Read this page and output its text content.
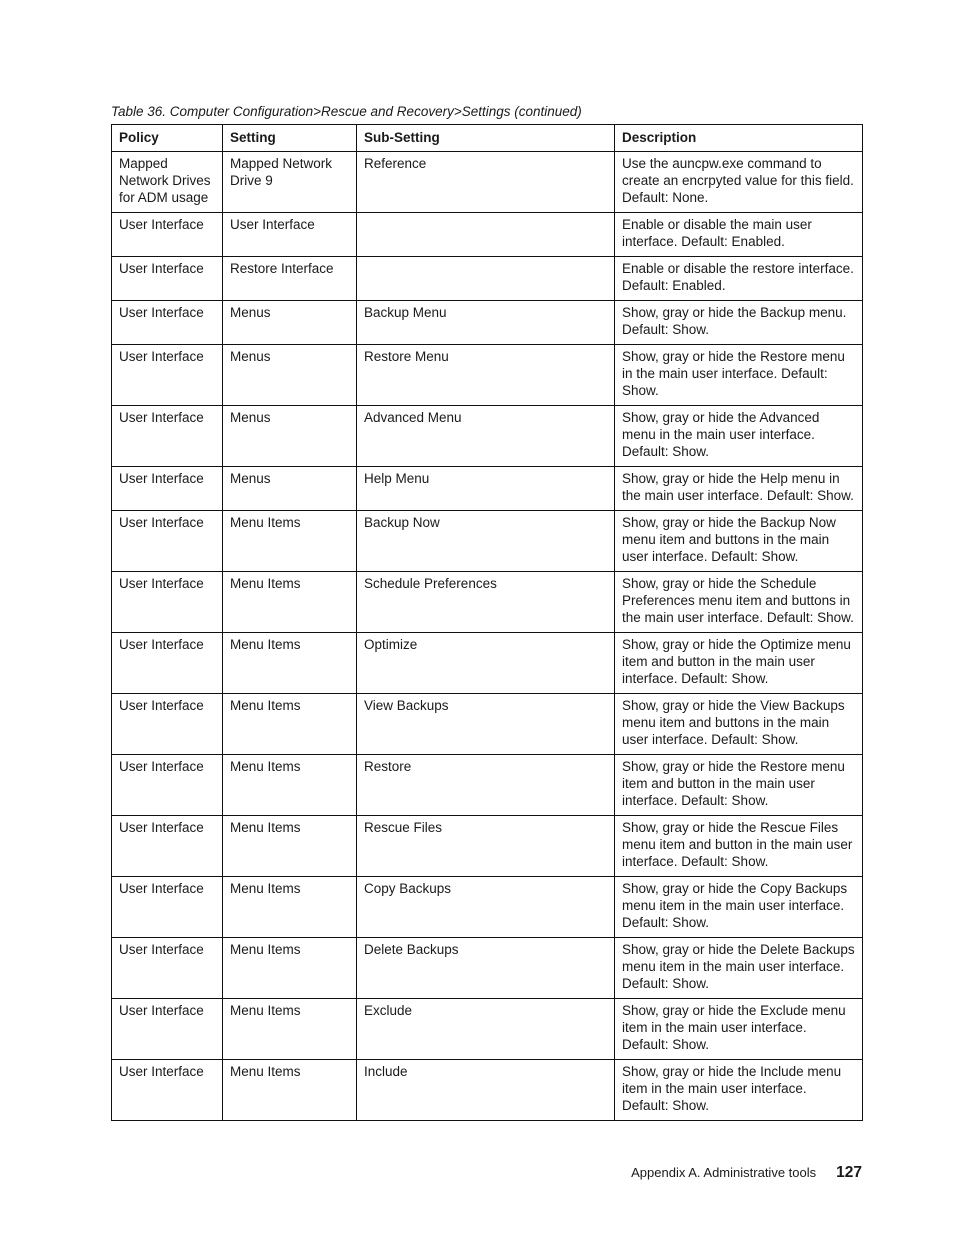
Table 36. Computer Configuration>Rescue and Recovery>Settings (continued)
Policy	Setting	Sub-Setting	Description
Mapped Network Drives for ADM usage	Mapped Network Drive 9	Reference	Use the auncpw.exe command to create an encrpyted value for this field. Default: None.
User Interface	User Interface		Enable or disable the main user interface. Default: Enabled.
User Interface	Restore Interface		Enable or disable the restore interface. Default: Enabled.
User Interface	Menus	Backup Menu	Show, gray or hide the Backup menu. Default: Show.
User Interface	Menus	Restore Menu	Show, gray or hide the Restore menu in the main user interface. Default: Show.
User Interface	Menus	Advanced Menu	Show, gray or hide the Advanced menu in the main user interface. Default: Show.
User Interface	Menus	Help Menu	Show, gray or hide the Help menu in the main user interface. Default: Show.
User Interface	Menu Items	Backup Now	Show, gray or hide the Backup Now menu item and buttons in the main user interface. Default: Show.
User Interface	Menu Items	Schedule Preferences	Show, gray or hide the Schedule Preferences menu item and buttons in the main user interface. Default: Show.
User Interface	Menu Items	Optimize	Show, gray or hide the Optimize menu item and button in the main user interface. Default: Show.
User Interface	Menu Items	View Backups	Show, gray or hide the View Backups menu item and buttons in the main user interface. Default: Show.
User Interface	Menu Items	Restore	Show, gray or hide the Restore menu item and button in the main user interface. Default: Show.
User Interface	Menu Items	Rescue Files	Show, gray or hide the Rescue Files menu item and button in the main user interface. Default: Show.
User Interface	Menu Items	Copy Backups	Show, gray or hide the Copy Backups menu item in the main user interface. Default: Show.
User Interface	Menu Items	Delete Backups	Show, gray or hide the Delete Backups menu item in the main user interface. Default: Show.
User Interface	Menu Items	Exclude	Show, gray or hide the Exclude menu item in the main user interface. Default: Show.
User Interface	Menu Items	Include	Show, gray or hide the Include menu item in the main user interface. Default: Show.
Appendix A. Administrative tools 127
